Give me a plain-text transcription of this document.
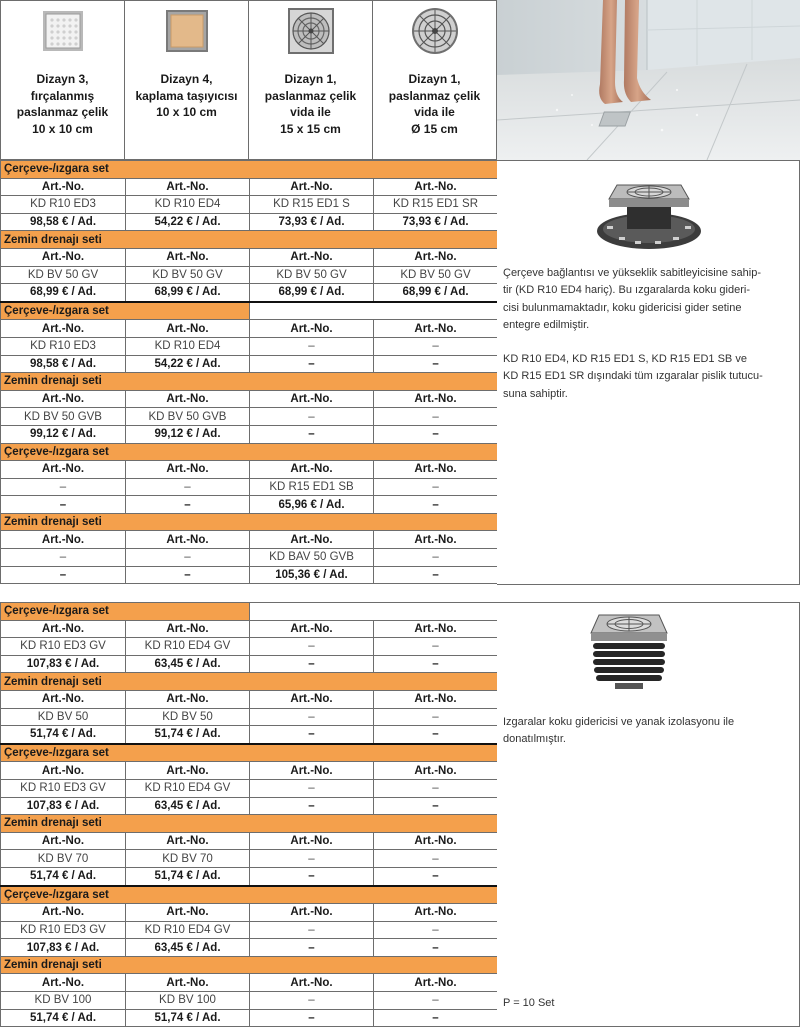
Dizayn 3,
fırçalanmış
paslanmaz çelik
10 x 10 cm
Dizayn 4,
kaplama taşıyıcısı
10 x 10 cm
Dizayn 1,
paslanmaz çelik
vida ile
15 x 15 cm
Dizayn 1,
paslanmaz çelik
vida ile
Ø 15 cm
Çerçeve-/ızgara set			
Art.-No.	Art.-No.	Art.-No.	Art.-No.
KD R10 ED3	KD R10 ED4	KD R15 ED1 S	KD R15 ED1 SR
98,58 € / Ad.	54,22 € / Ad.	73,93 € / Ad.	73,93 € / Ad.
Zemin drenajı seti			
Art.-No.	Art.-No.	Art.-No.	Art.-No.
KD BV 50 GV	KD BV 50 GV	KD BV 50 GV	KD BV 50 GV
68,99 € / Ad.	68,99 € / Ad.	68,99 € / Ad.	68,99 € / Ad.
Çerçeve-/ızgara set			
Art.-No.	Art.-No.	Art.-No.	Art.-No.
KD R10 ED3	KD R10 ED4	–	–
98,58 € / Ad.	54,22 € / Ad.	–	–
Zemin drenajı seti			
Art.-No.	Art.-No.	Art.-No.	Art.-No.
KD BV 50 GVB	KD BV 50 GVB	–	–
99,12 € / Ad.	99,12 € / Ad.	–	–
Çerçeve-/ızgara set			
Art.-No.	Art.-No.	Art.-No.	Art.-No.
–	–	KD R15 ED1 SB	–
–	–	65,96 € / Ad.	–
Zemin drenajı seti			
Art.-No.	Art.-No.	Art.-No.	Art.-No.
–	–	KD BAV 50 GVB	–
–	–	105,36 € / Ad.	–
Çerçeve bağlantısı ve yükseklik sabitleyicisine sahip-
tir (KD R10 ED4 hariç). Bu ızgaralarda koku gideri-
cisi bulunmamaktadır, koku gidericisi gider setine
entegre edilmiştir.
KD R10 ED4, KD R15 ED1 S, KD R15 ED1 SB ve
KD R15 ED1 SR dışındaki tüm ızgaralar pislik tutucu-
suna sahiptir.
Çerçeve-/ızgara set			
Art.-No.	Art.-No.	Art.-No.	Art.-No.
KD R10 ED3 GV	KD R10 ED4 GV	–	–
107,83 € / Ad.	63,45 € / Ad.	–	–
Zemin drenajı seti			
Art.-No.	Art.-No.	Art.-No.	Art.-No.
KD BV 50	KD BV 50	–	–
51,74 € / Ad.	51,74 € / Ad.	–	–
Çerçeve-/ızgara set			
Art.-No.	Art.-No.	Art.-No.	Art.-No.
KD R10 ED3 GV	KD R10 ED4 GV	–	–
107,83 € / Ad.	63,45 € / Ad.	–	–
Zemin drenajı seti			
Art.-No.	Art.-No.	Art.-No.	Art.-No.
KD BV 70	KD BV 70	–	–
51,74 € / Ad.	51,74 € / Ad.	–	–
Çerçeve-/ızgara set			
Art.-No.	Art.-No.	Art.-No.	Art.-No.
KD R10 ED3 GV	KD R10 ED4 GV	–	–
107,83 € / Ad.	63,45 € / Ad.	–	–
Zemin drenajı seti			
Art.-No.	Art.-No.	Art.-No.	Art.-No.
KD BV 100	KD BV 100	–	–
51,74 € / Ad.	51,74 € / Ad.	–	–
Izgaralar koku gidericisi ve yanak izolasyonu ile
donatılmıştır.
P = 10 Set
